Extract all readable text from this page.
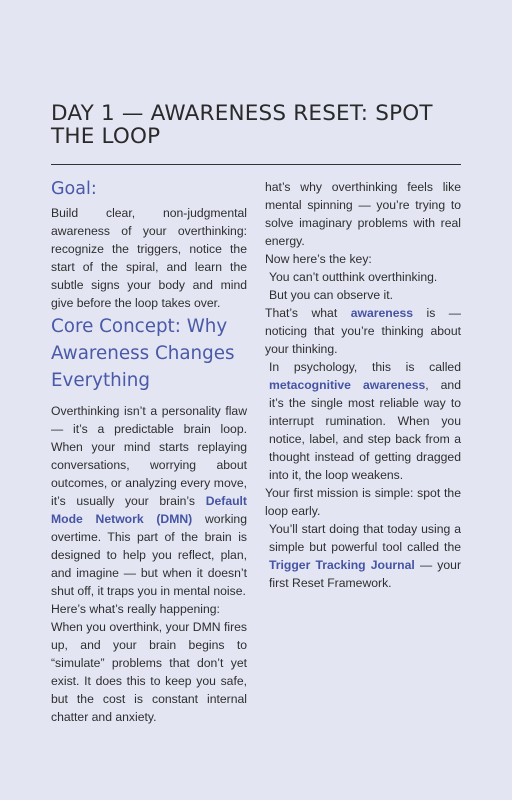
DAY 1 — AWARENESS RESET: SPOT THE LOOP
Goal:

Build clear, non-judgmental awareness of your overthinking: recognize the triggers, notice the start of the spiral, and learn the subtle signs your body and mind give before the loop takes over.

Core Concept: Why Awareness Changes Everything

Overthinking isn’t a personality flaw — it’s a predictable brain loop. When your mind starts replaying conversations, worrying about outcomes, or analyzing every move, it’s usually your brain’s Default Mode Network (DMN) working overtime. This part of the brain is designed to help you reflect, plan, and imagine — but when it doesn’t shut off, it traps you in mental noise.

Here’s what’s really happening:

When you overthink, your DMN fires up, and your brain begins to “simulate” problems that don’t yet exist. It does this to keep you safe, but the cost is constant internal chatter and anxiety.

hat’s why overthinking feels like mental spinning — you’re trying to solve imaginary problems with real energy.

Now here’s the key:

You can’t outthink overthinking.

But you can observe it.

That’s what awareness is — noticing that you’re thinking about your thinking.

In psychology, this is called metacognitive awareness, and it’s the single most reliable way to interrupt rumination. When you notice, label, and step back from a thought instead of getting dragged into it, the loop weakens.

Your first mission is simple: spot the loop early.

You’ll start doing that today using a simple but powerful tool called the Trigger Tracking Journal — your first Reset Framework.
